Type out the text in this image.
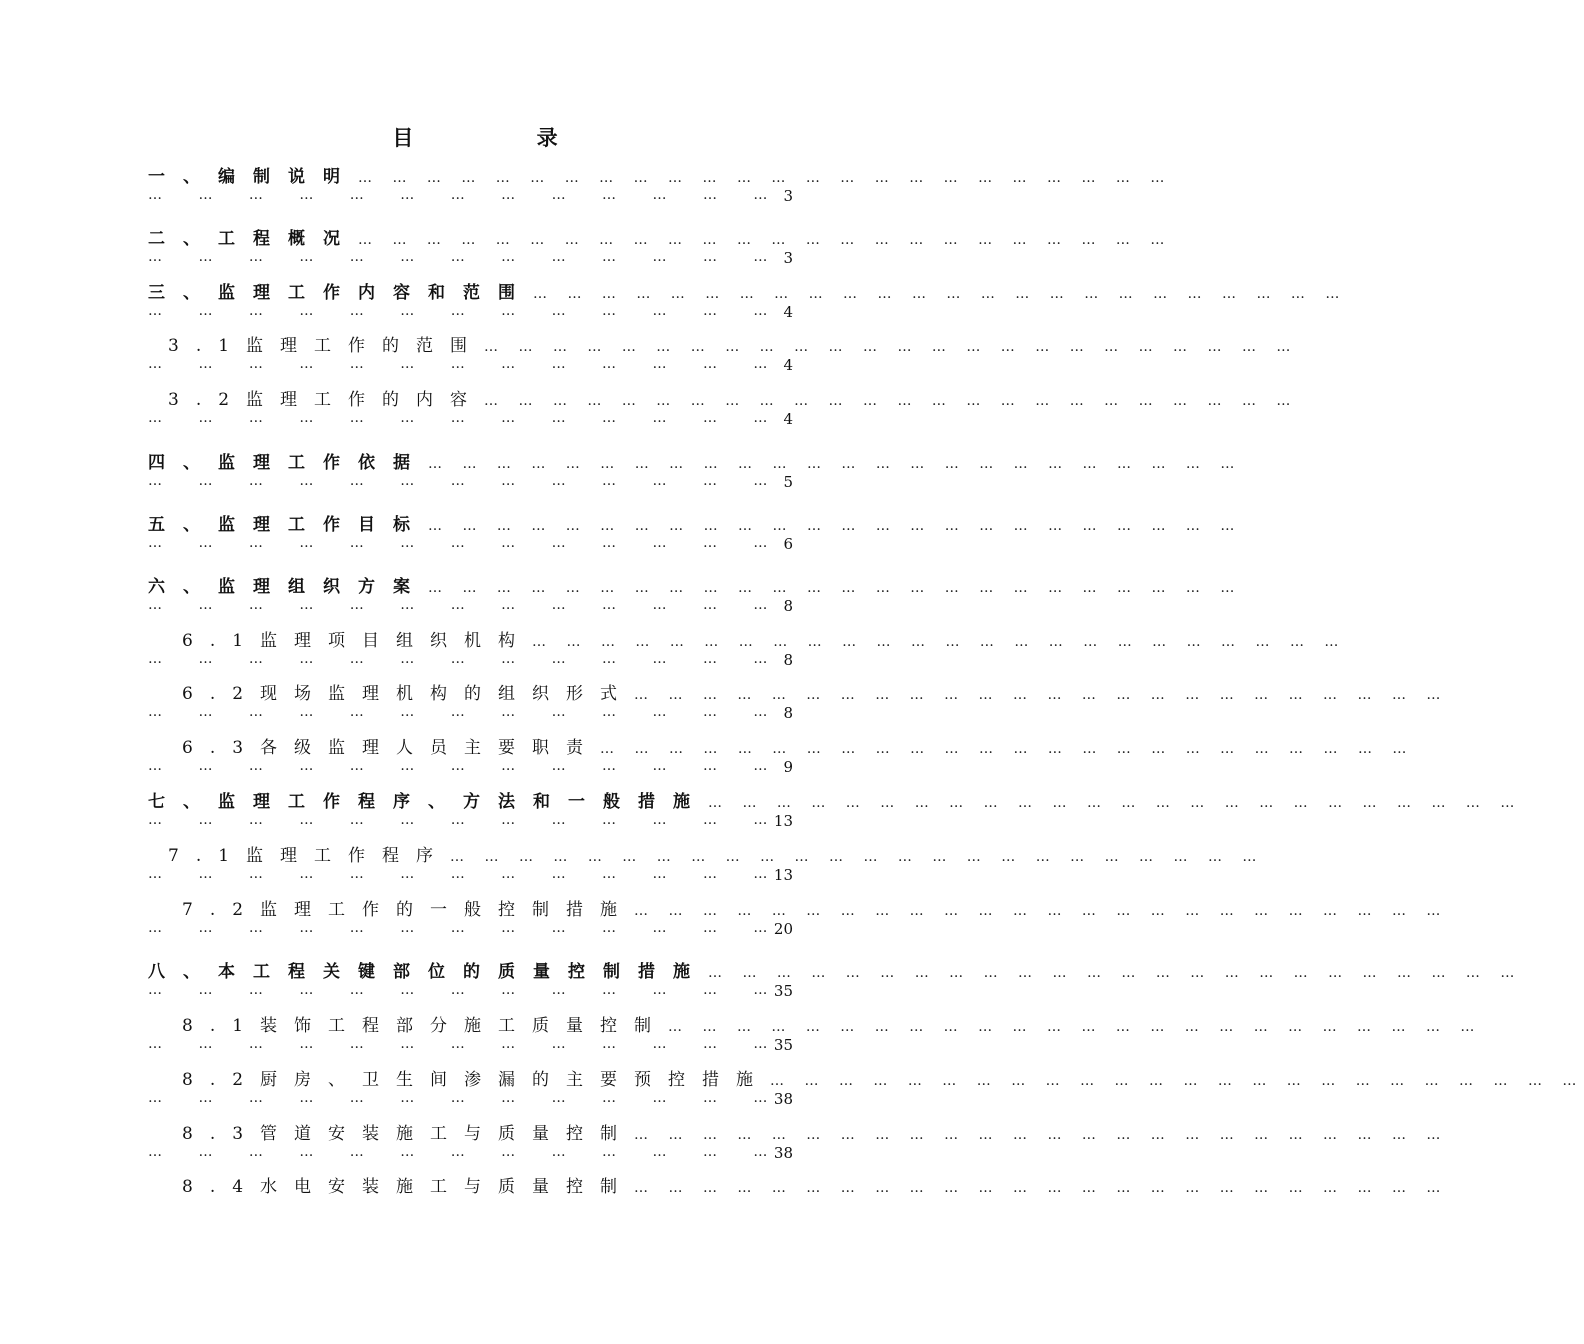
目 录
一、编制说明… … … … … … … … … … … … … … … … … … … … … … … …
… … … … … … … … … … … … … 3
二、工程概况… … … … … … … … … … … … … … … … … … … … … … … …
… … … … … … … … … … … … … 3
三、监理工作内容和范围… … … … … … … … … … … … … … … … … … … … … … … …
… … … … … … … … … … … … … 4
3.1监理工作的范围… … … … … … … … … … … … … … … … … … … … … … … …
… … … … … … … … … … … … … 4
3.2监理工作的内容… … … … … … … … … … … … … … … … … … … … … … … …
… … … … … … … … … … … … … 4
四、监理工作依据… … … … … … … … … … … … … … … … … … … … … … … …
… … … … … … … … … … … … … 5
五、监理工作目标… … … … … … … … … … … … … … … … … … … … … … … …
… … … … … … … … … … … … … 6
六、监理组织方案… … … … … … … … … … … … … … … … … … … … … … … …
… … … … … … … … … … … … … 8
6.1监理项目组织机构… … … … … … … … … … … … … … … … … … … … … … … …
… … … … … … … … … … … … … 8
6.2现场监理机构的组织形式… … … … … … … … … … … … … … … … … … … … … … … …
… … … … … … … … … … … … … 8
6.3各级监理人员主要职责… … … … … … … … … … … … … … … … … … … … … … … …
… … … … … … … … … … … … … 9
七、监理工作程序、方法和一般措施… … … … … … … … … … … … … … … … … … … … … … … …
… … … … … … … … … … … … … 13
7.1监理工作程序… … … … … … … … … … … … … … … … … … … … … … … …
… … … … … … … … … … … … … 13
7.2监理工作的一般控制措施… … … … … … … … … … … … … … … … … … … … … … … …
… … … … … … … … … … … … … 20
八、本工程关键部位的质量控制措施… … … … … … … … … … … … … … … … … … … … … … … …
… … … … … … … … … … … … … 35
8.1装饰工程部分施工质量控制… … … … … … … … … … … … … … … … … … … … … … … …
… … … … … … … … … … … … … 35
8.2厨房、卫生间渗漏的主要预控措施… … … … … … … … … … … … … … … … … … … … … … … …
… … … … … … … … … … … … … 38
8.3管道安装施工与质量控制… … … … … … … … … … … … … … … … … … … … … … … …
… … … … … … … … … … … … … 38
8.4水电安装施工与质量控制… … … … … … … … … … … … … … … … … … … … … … … …
